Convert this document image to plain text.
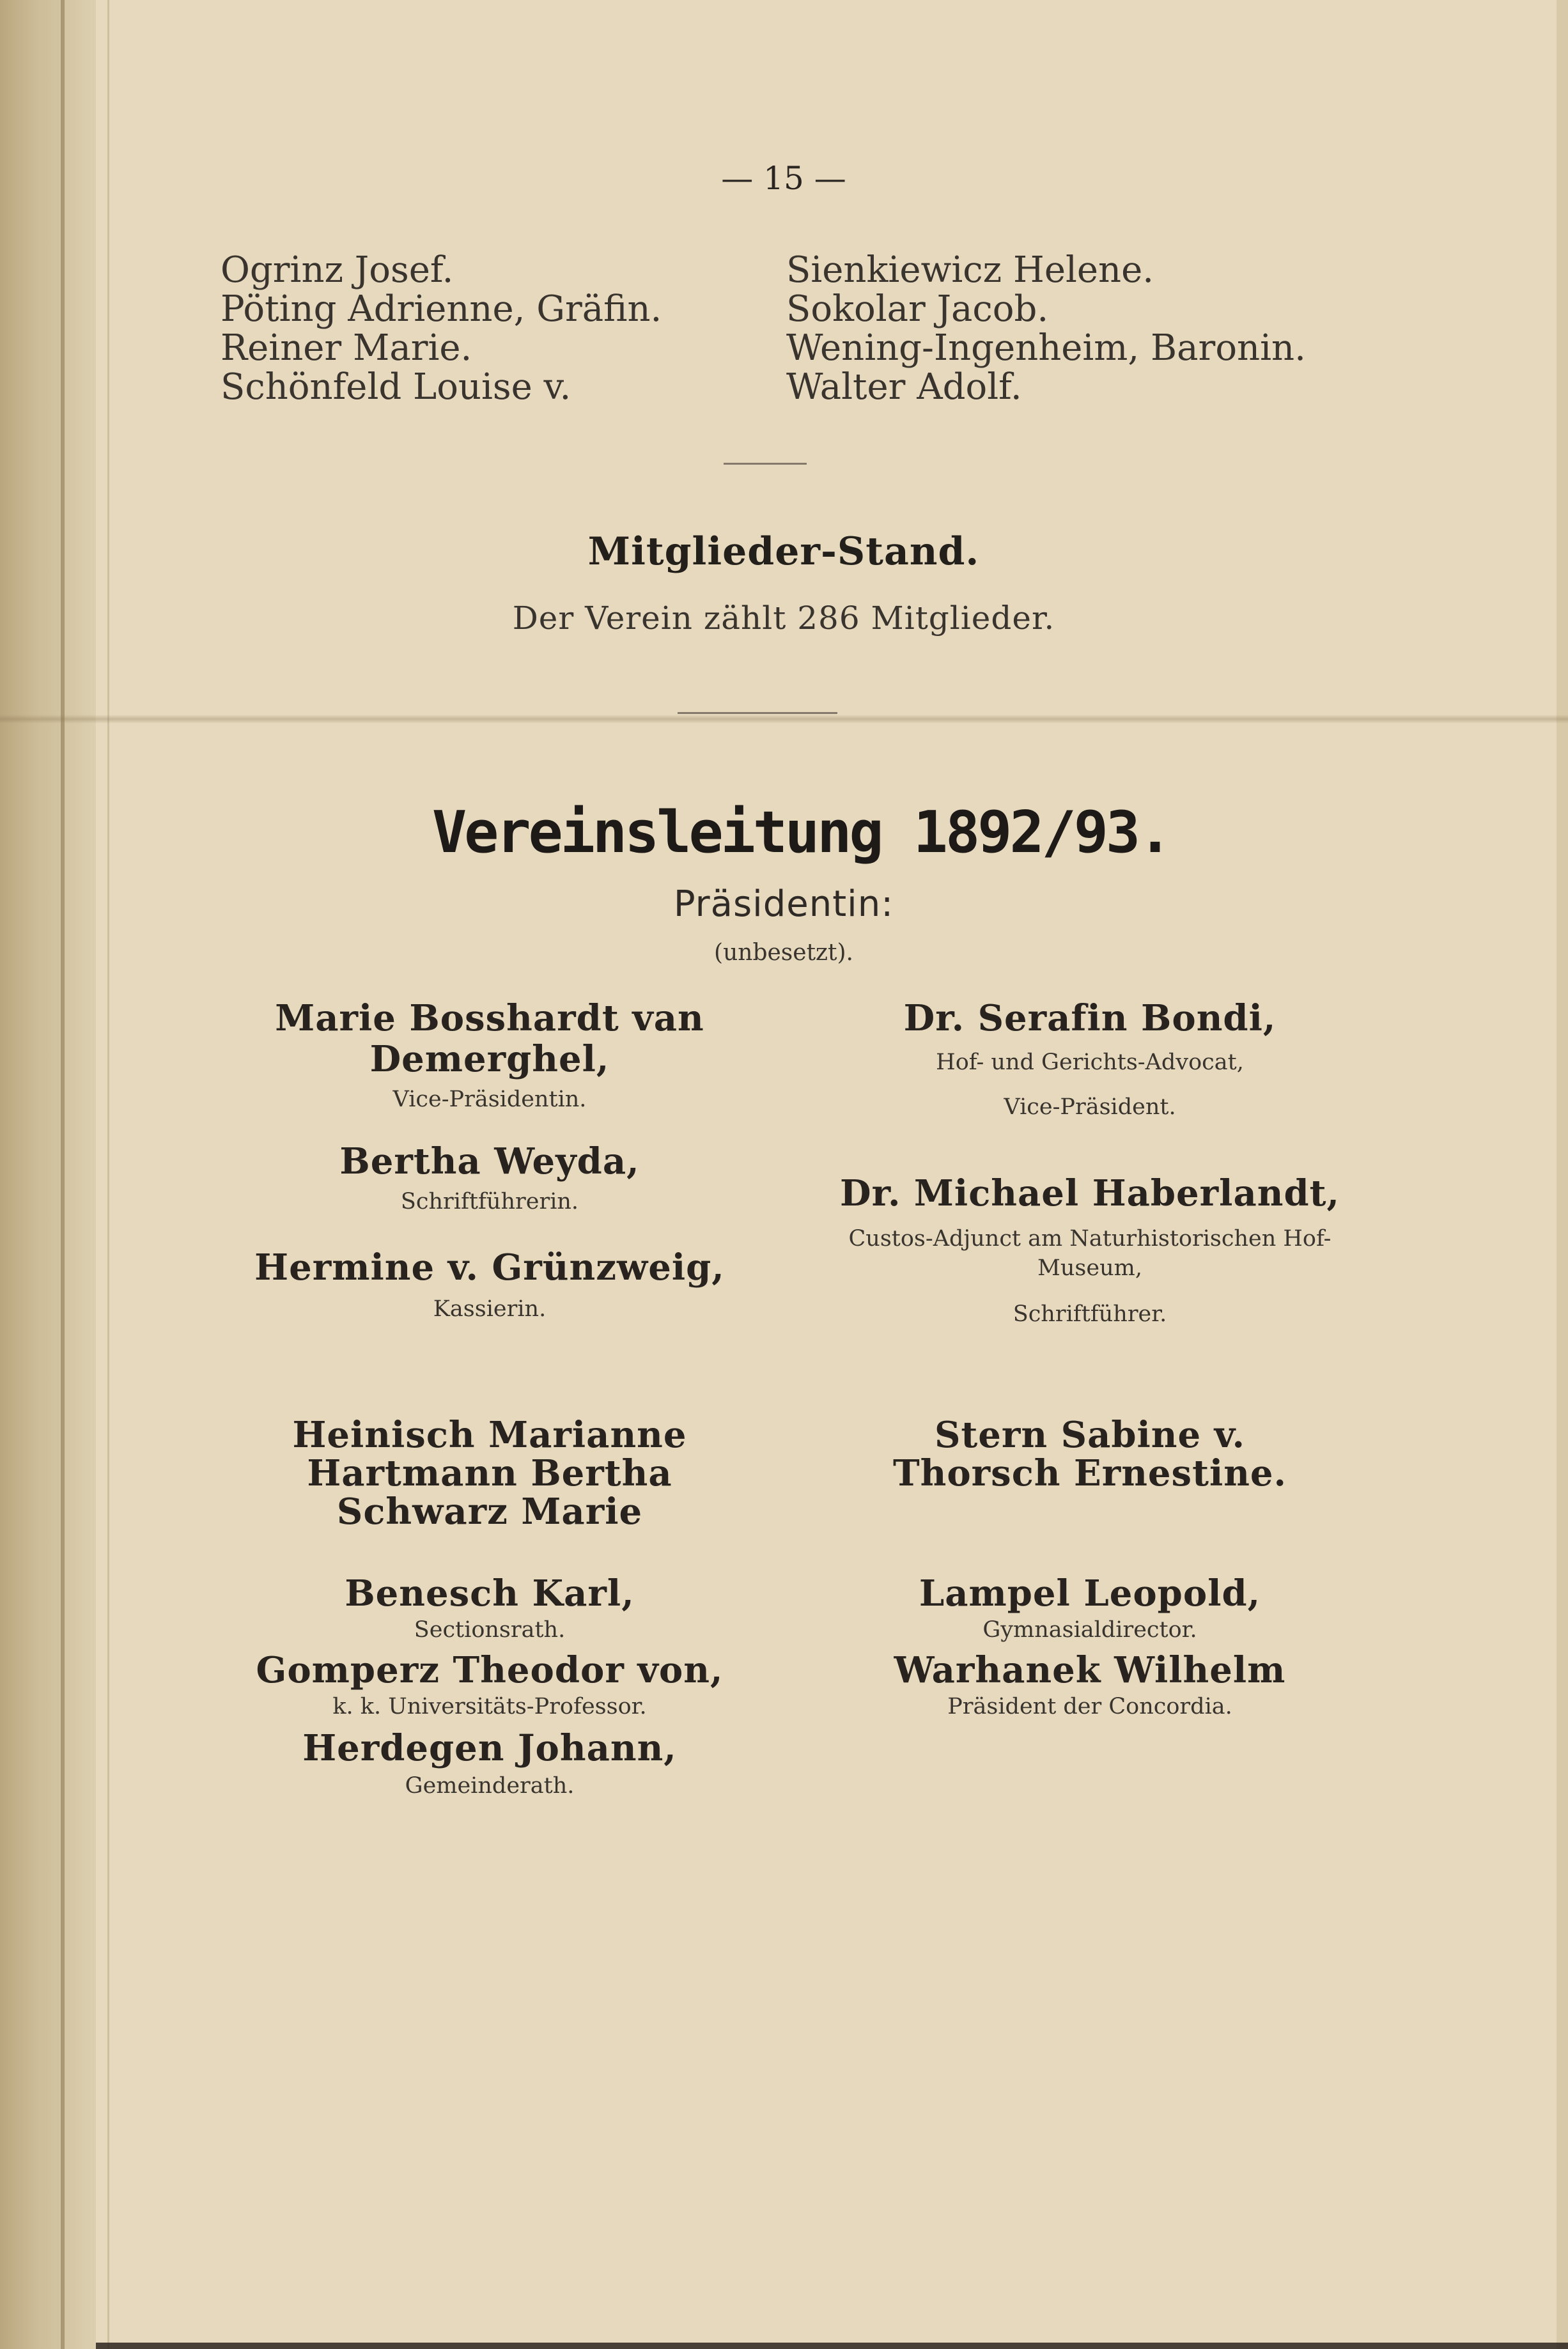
— 15 —
Ogrinz Josef.
Pöting Adrienne, Gräfin.
Reiner Marie.
Schönfeld Louise v.
Sienkiewicz Helene.
Sokolar Jacob.
Wening-Ingenheim, Baronin.
Walter Adolf.
Mitglieder-Stand.
Der Verein zählt 286 Mitglieder.
Vereinsleitung 1892/93.
Präsidentin:
(unbesetzt).
Marie Bosshardt van
Demerghel,
Vice-Präsidentin.
Bertha Weyda,
Schriftführerin.
Hermine v. Grünzweig,
Kassierin.
Dr. Serafin Bondi,
Hof- und Gerichts-Advocat,
Vice-Präsident.
Dr. Michael Haberlandt,
Custos-Adjunct am Naturhistorischen Hof-
Museum,
Schriftführer.
Heinisch Marianne
Hartmann Bertha
Schwarz Marie
Stern Sabine v.
Thorsch Ernestine.
Benesch Karl,
Sectionsrath.
Gomperz Theodor von,
k. k. Universitäts-Professor.
Herdegen Johann,
Gemeinderath.
Lampel Leopold,
Gymnasialdirector.
Warhanek Wilhelm
Präsident der Concordia.
